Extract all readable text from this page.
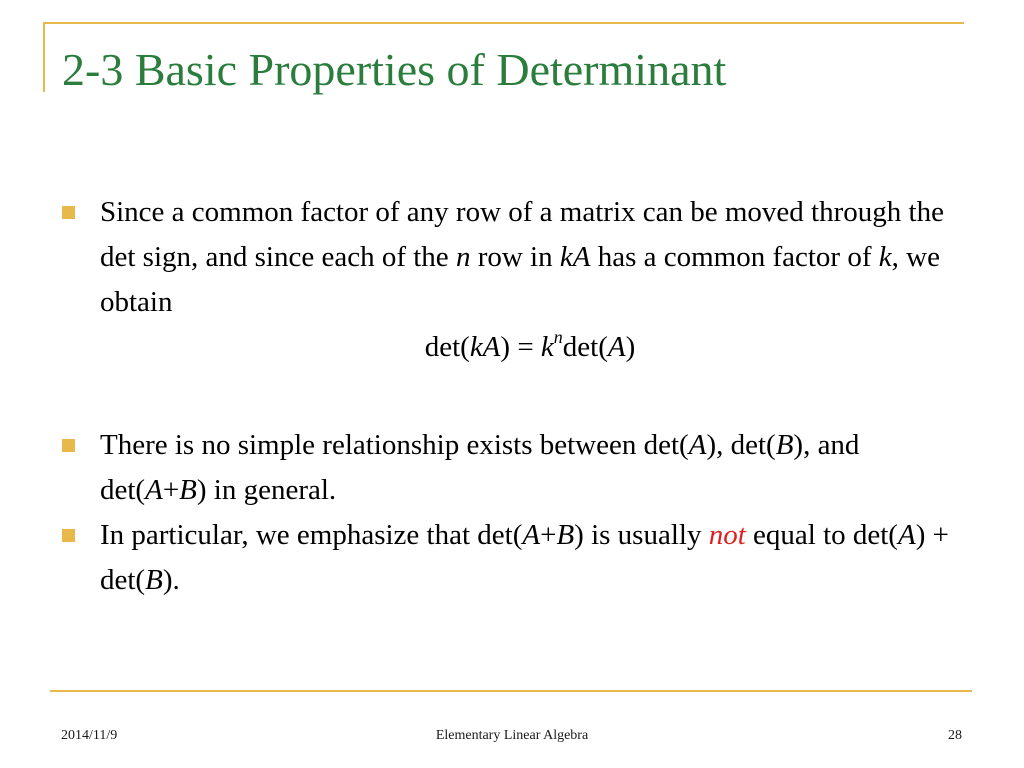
2-3 Basic Properties of Determinant
Since a common factor of any row of a matrix can be moved through the det sign, and since each of the n row in kA has a common factor of k, we obtain
$\det(kA) = k^n\det(A)$
There is no simple relationship exists between det(A), det(B), and det(A+B) in general.
In particular, we emphasize that det(A+B) is usually not equal to det(A) + det(B).
2014/11/9	Elementary Linear Algebra	28
